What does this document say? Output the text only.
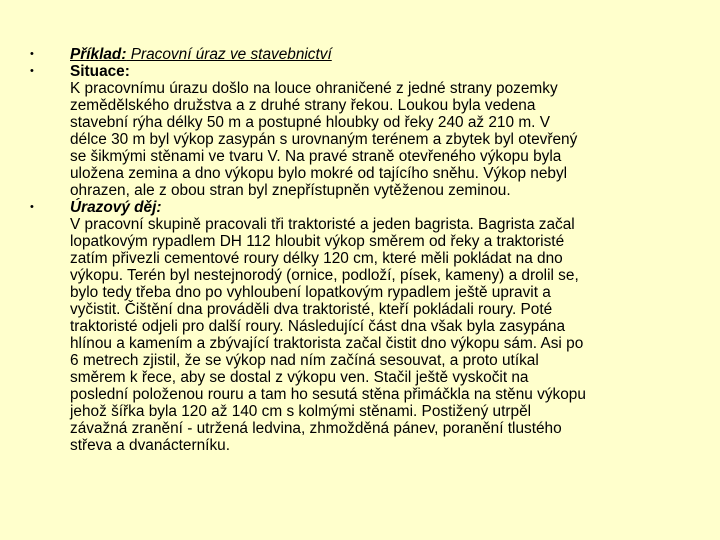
• Příklad: Pracovní úraz ve stavebnictví
• Situace:
K pracovnímu úrazu došlo na louce ohraničené z jedné strany pozemky
zemědělského družstva a z druhé strany řekou. Loukou byla vedena
stavební rýha délky 50 m a postupné hloubky od řeky 240 až 210 m. V
délce 30 m byl výkop zasypán s urovnaným terénem a zbytek byl otevřený
se šikmými stěnami ve tvaru V. Na pravé straně otevřeného výkopu byla
uložena zemina a dno výkopu bylo mokré od tajícího sněhu. Výkop nebyl
ohrazen, ale z obou stran byl znepřístupněn vytěženou zeminou.
• Úrazový děj:
V pracovní skupině pracovali tři traktoristé a jeden bagrista. Bagrista začal
lopatkovým rypadlem DH 112 hloubit výkop směrem od řeky a traktoristé
zatím přivezli cementové roury délky 120 cm, které měli pokládat na dno
výkopu. Terén byl nestejnorodý (ornice, podloží, písek, kameny) a drolil se,
bylo tedy třeba dno po vyhloubení lopatkovým rypadlem ještě upravit a
vyčistit. Čištění dna prováděli dva traktoristé, kteří pokládali roury. Poté
traktoristé odjeli pro další roury. Následující část dna však byla zasypána
hlínou a kamením a zbývající traktorista začal čistit dno výkopu sám. Asi po
6 metrech zjistil, že se výkop nad ním začíná sesouvat, a proto utíkal
směrem k řece, aby se dostal z výkopu ven. Stačil ještě vyskočit na
poslední položenou rouru a tam ho sesutá stěna přimáčkla na stěnu výkopu
jehož šířka byla 120 až 140 cm s kolmými stěnami. Postižený utrpěl
závažná zranění - utržená ledvina, zhmožděná pánev, poranění tlustého
střeva a dvanácterníku.
